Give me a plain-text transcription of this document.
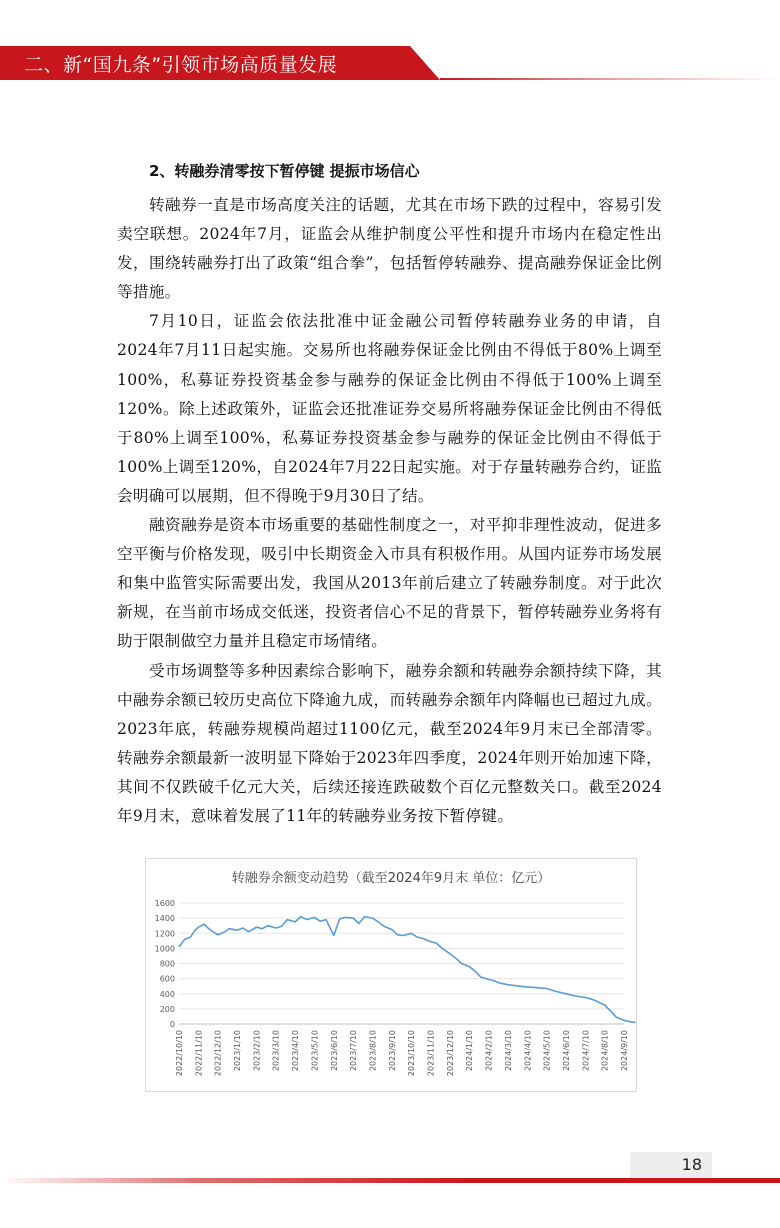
二、新“国九条”引领市场高质量发展
2、转融券清零按下暂停键 提振市场信心

转融券一直是市场高度关注的话题，尤其在市场下跌的过程中，容易引发卖空联想。2024年7月，证监会从维护制度公平性和提升市场内在稳定性出发，围绕转融券打出了政策“组合拳”，包括暂停转融券、提高融券保证金比例等措施。

7月10日，证监会依法批准中证金融公司暂停转融券业务的申请，自2024年7月11日起实施。交易所也将融券保证金比例由不得低于80%上调至100%，私募证券投资基金参与融券的保证金比例由不得低于100%上调至120%。除上述政策外，证监会还批准证券交易所将融券保证金比例由不得低于80%上调至100%，私募证券投资基金参与融券的保证金比例由不得低于100%上调至120%，自2024年7月22日起实施。对于存量转融券合约，证监会明确可以展期，但不得晚于9月30日了结。

融资融券是资本市场重要的基础性制度之一，对平抑非理性波动，促进多空平衡与价格发现，吸引中长期资金入市具有积极作用。从国内证券市场发展和集中监管实际需要出发，我国从2013年前后建立了转融券制度。对于此次新规，在当前市场成交低迷，投资者信心不足的背景下，暂停转融券业务将有助于限制做空力量并且稳定市场情绪。

受市场调整等多种因素综合影响下，融券余额和转融券余额持续下降，其中融券余额已较历史高位下降逾九成，而转融券余额年内降幅也已超过九成。2023年底，转融券规模尚超过1100亿元，截至2024年9月末已全部清零。转融券余额最新一波明显下降始于2023年四季度，2024年则开始加速下降，其间不仅跌破千亿元大关，后续还接连跌破数个百亿元整数关口。截至2024年9月末，意味着发展了11年的转融券业务按下暂停键。

转融券余额变动趋势（截至2024年9月末 单位：亿元）
0
200
400
600
800
1000
1200
1400
1600
2022/10/10 2022/11/10 2022/12/10 2023/1/10 2023/2/10 2023/3/10 2023/4/10 2023/5/10 2023/6/10 2023/7/10 2023/8/10 2023/9/10 2023/10/10 2023/11/10 2023/12/10 2024/1/10 2024/2/10 2024/3/10 2024/4/10 2024/5/10 2024/6/10 2024/7/10 2024/8/10 2024/9/10
18
